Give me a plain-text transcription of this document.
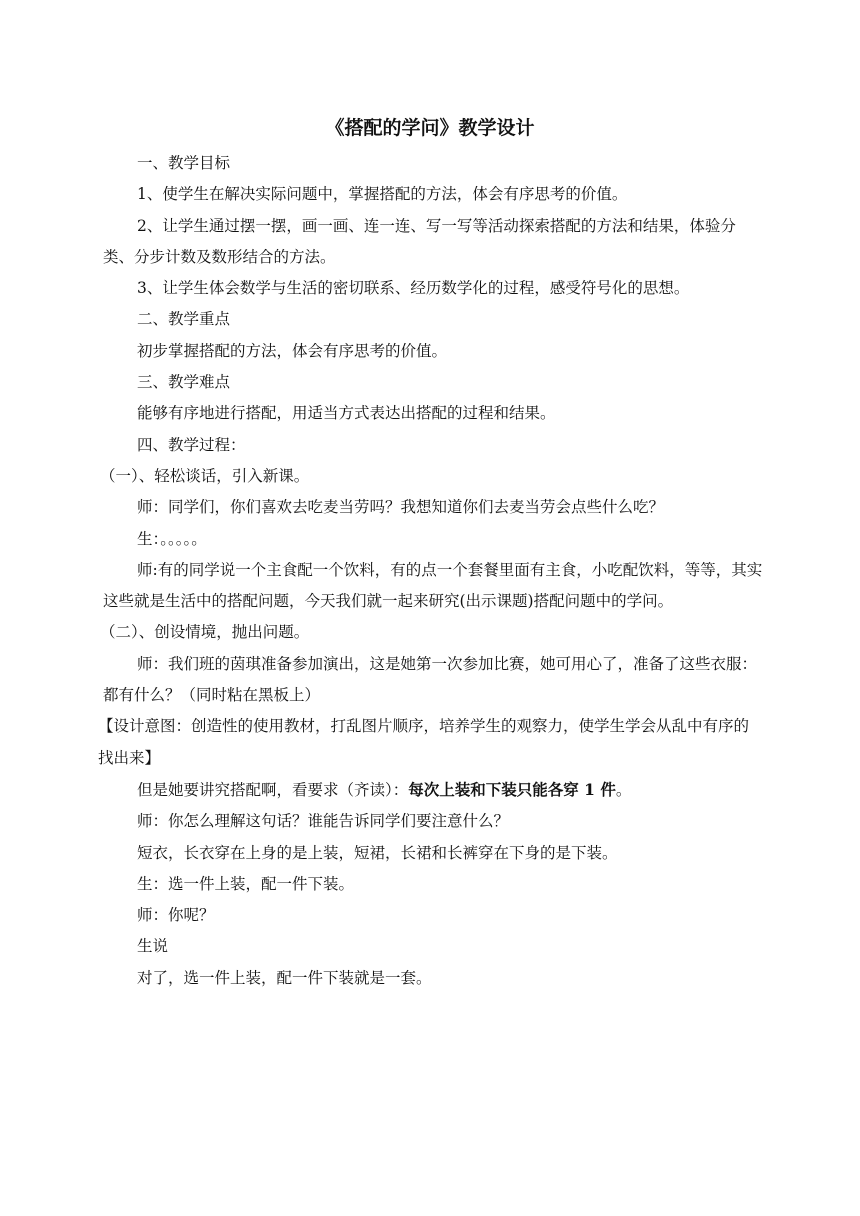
《搭配的学问》教学设计

一、教学目标

1、使学生在解决实际问题中，掌握搭配的方法，体会有序思考的价值。

2、让学生通过摆一摆，画一画、连一连、写一写等活动探索搭配的方法和结果，体验分类、分步计数及数形结合的方法。

3、让学生体会数学与生活的密切联系、经历数学化的过程，感受符号化的思想。

二、教学重点

初步掌握搭配的方法，体会有序思考的价值。

三、教学难点

能够有序地进行搭配，用适当方式表达出搭配的过程和结果。

四、教学过程：

（一）、轻松谈话，引入新课。

师：同学们，你们喜欢去吃麦当劳吗？我想知道你们去麦当劳会点些什么吃？

生：。。。。。

师:有的同学说一个主食配一个饮料，有的点一个套餐里面有主食，小吃配饮料，等等，其实这些就是生活中的搭配问题，今天我们就一起来研究(出示课题)搭配问题中的学问。

（二）、创设情境，抛出问题。

师：我们班的茵琪准备参加演出，这是她第一次参加比赛，她可用心了，准备了这些衣服：都有什么？（同时粘在黑板上）

【设计意图：创造性的使用教材，打乱图片顺序，培养学生的观察力，使学生学会从乱中有序的找出来】

但是她要讲究搭配啊，看要求（齐读）：每次上装和下装只能各穿 1 件。

师：你怎么理解这句话？谁能告诉同学们要注意什么？

短衣，长衣穿在上身的是上装，短裙，长裙和长裤穿在下身的是下装。

生：选一件上装，配一件下装。

师：你呢？

生说

对了，选一件上装，配一件下装就是一套。
